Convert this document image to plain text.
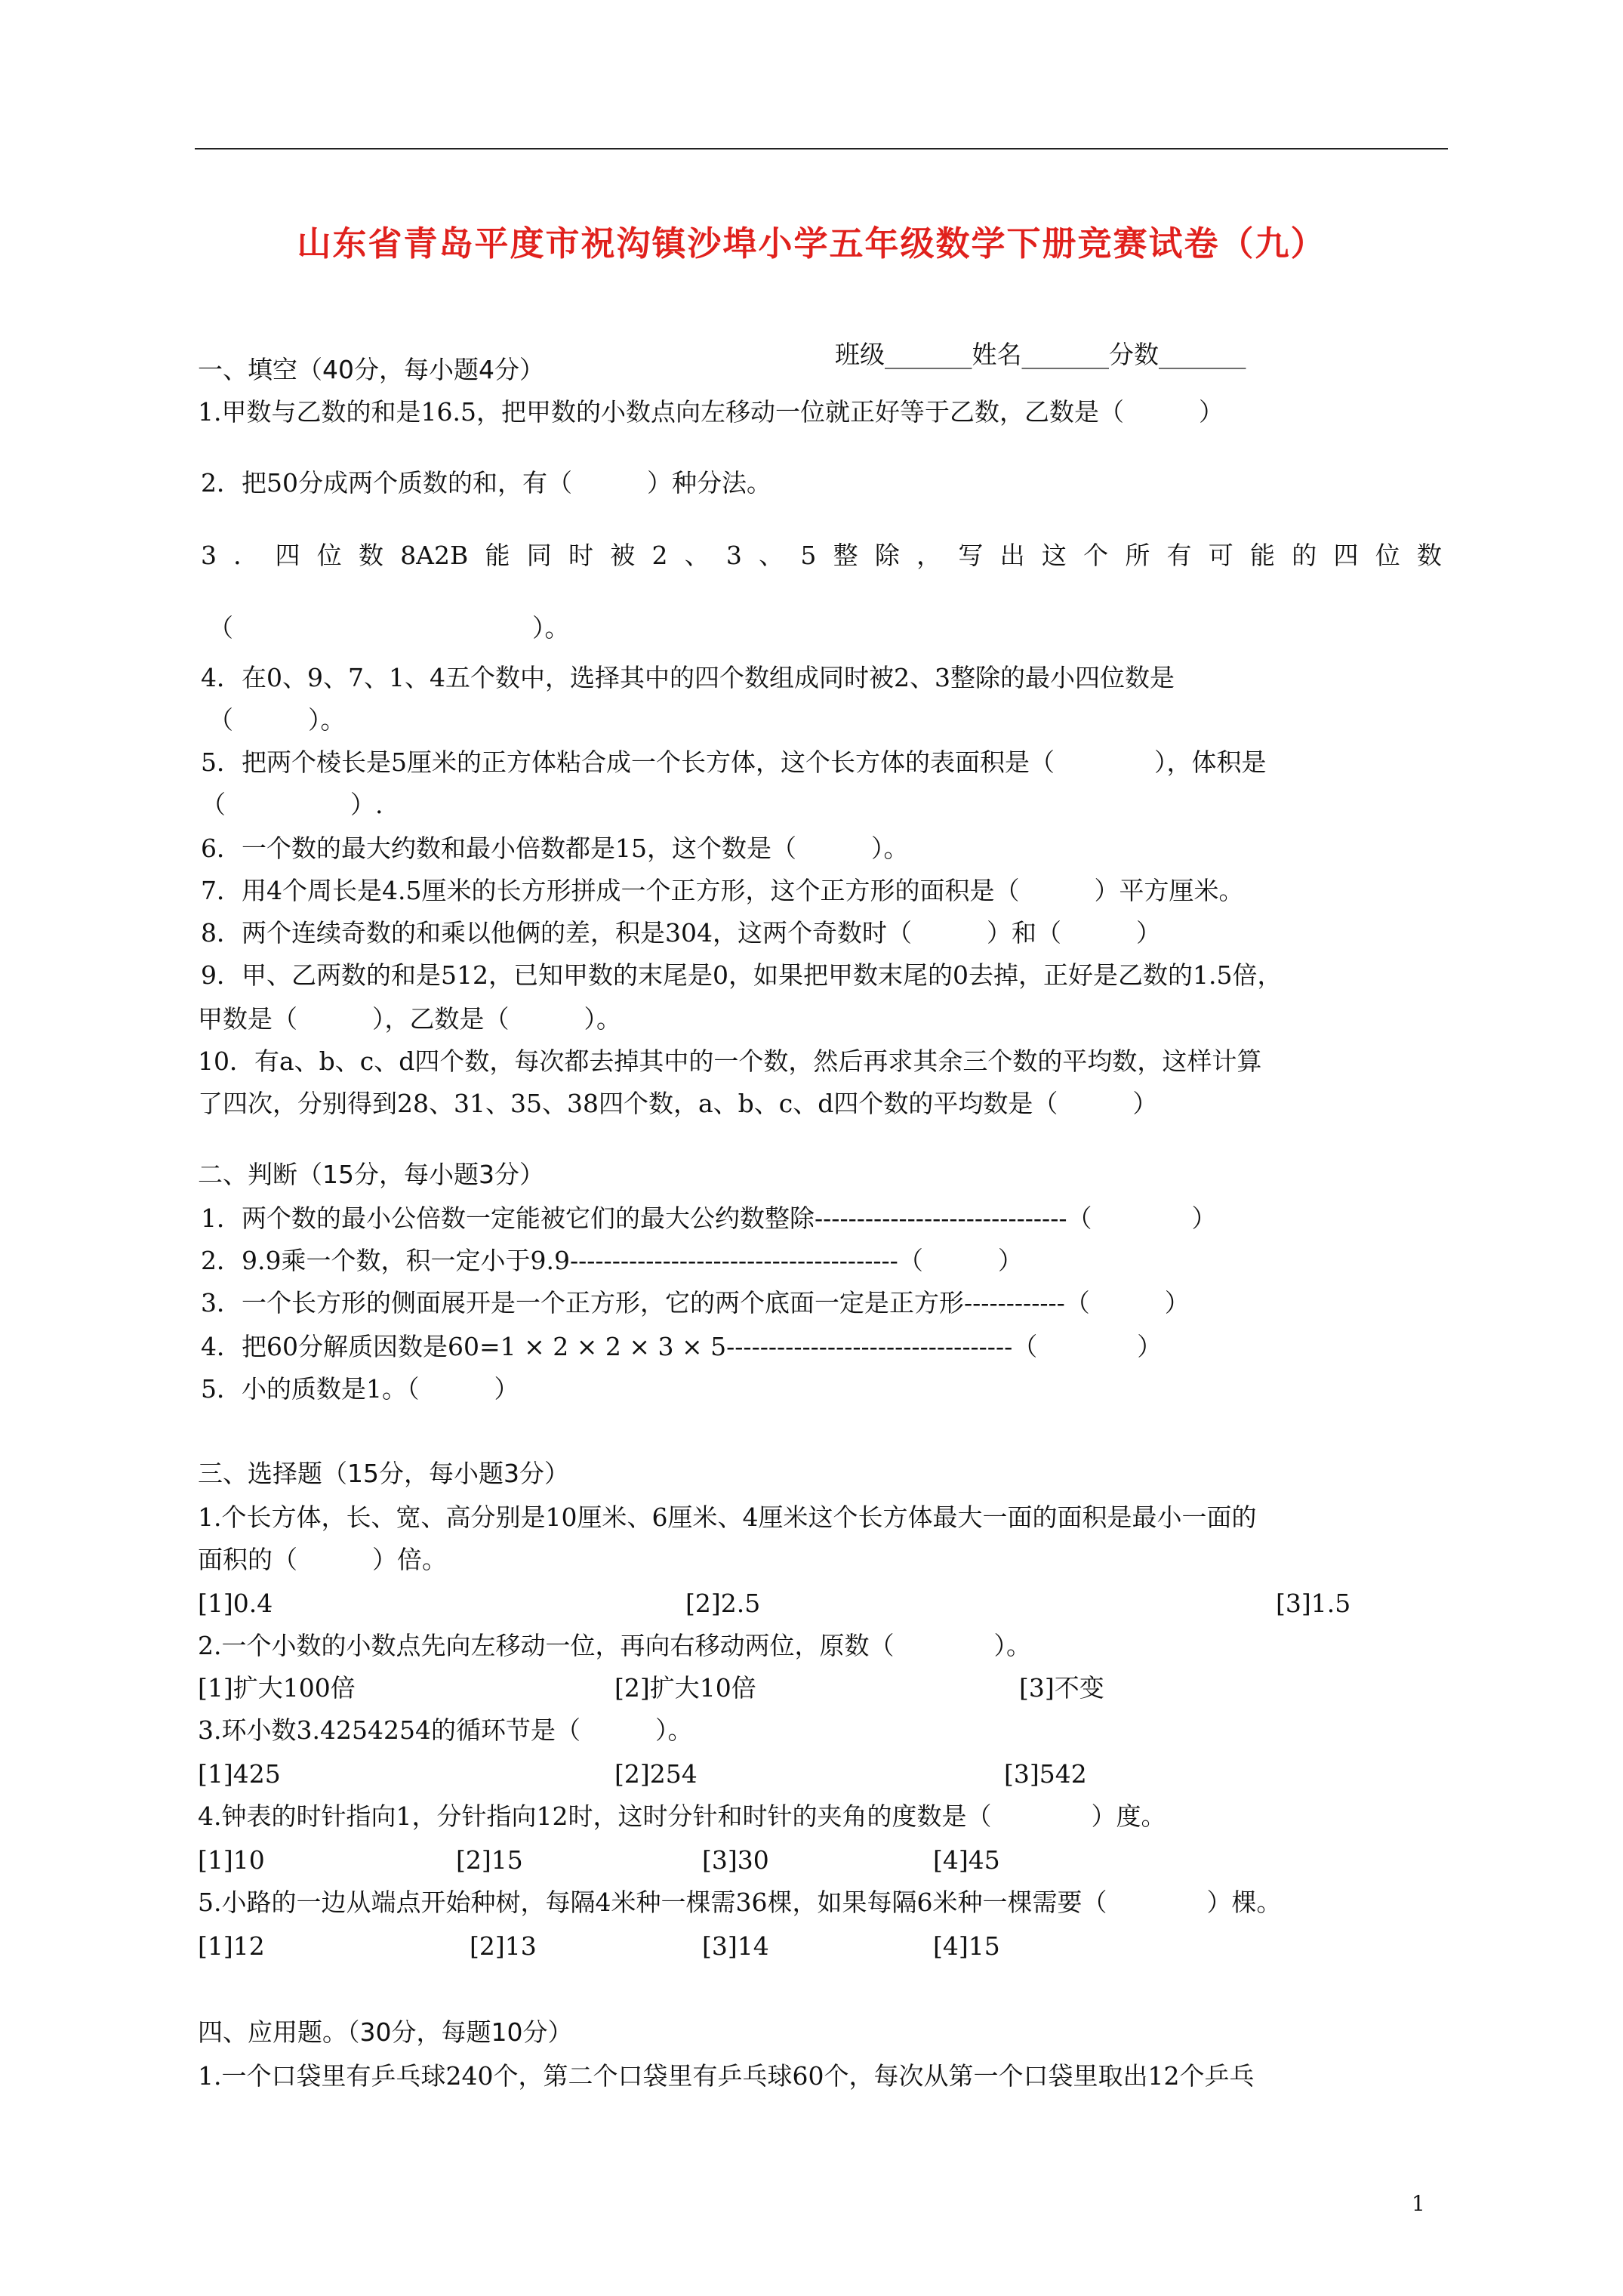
山东省青岛平度市祝沟镇沙埠小学五年级数学下册竞赛试卷（九）
班级_______姓名_______分数_______
一、填空（40分，每小题4分）
1.甲数与乙数的和是16.5，把甲数的小数点向左移动一位就正好等于乙数，乙数是（　　　）
2．把50分成两个质数的和，有（　　　）种分法。
3．四位数8A2B能同时被2、3、5整除，写出这个所有可能的四位数
（　　　　　　　　　　　　）。
4．在0、9、7、1、4五个数中，选择其中的四个数组成同时被2、3整除的最小四位数是
（　　　）。
5．把两个棱长是5厘米的正方体粘合成一个长方体，这个长方体的表面积是（　　　　），体积是
（　　　　　）.
6．一个数的最大约数和最小倍数都是15，这个数是（　　　）。
7．用4个周长是4.5厘米的长方形拼成一个正方形，这个正方形的面积是（　　　）平方厘米。
8．两个连续奇数的和乘以他俩的差，积是304，这两个奇数时（　　　）和（　　　）
9．甲、乙两数的和是512，已知甲数的末尾是0，如果把甲数末尾的0去掉，正好是乙数的1.5倍，
甲数是（　　　），乙数是（　　　）。
10．有a、b、c、d四个数，每次都去掉其中的一个数，然后再求其余三个数的平均数，这样计算
了四次，分别得到28、31、35、38四个数，a、b、c、d四个数的平均数是（　　　）
二、判断（15分，每小题3分）
1．两个数的最小公倍数一定能被它们的最大公约数整除------------------------------（　　　　）
2．9.9乘一个数，积一定小于9.9---------------------------------------（　　　）
3．一个长方形的侧面展开是一个正方形，它的两个底面一定是正方形------------（　　　）
4．把60分解质因数是60=1 × 2 × 2 × 3 × 5----------------------------------（　　　　）
5．小的质数是1。（　　　）
三、选择题（15分，每小题3分）
1.个长方体，长、宽、高分别是10厘米、6厘米、4厘米这个长方体最大一面的面积是最小一面的
面积的（　　　）倍。
[1]0.4	[2]2.5	[3]1.5
2.一个小数的小数点先向左移动一位，再向右移动两位，原数（　　　　）。
[1]扩大100倍	[2]扩大10倍	[3]不变
3.环小数3.4254254的循环节是（　　　）。
[1]425	[2]254	[3]542
4.钟表的时针指向1，分针指向12时，这时分针和时针的夹角的度数是（　　　　）度。
[1]10	[2]15	[3]30	[4]45
5.小路的一边从端点开始种树，每隔4米种一棵需36棵，如果每隔6米种一棵需要（　　　　）棵。
[1]12	[2]13	[3]14	[4]15
四、应用题。（30分，每题10分）
1.一个口袋里有乒乓球240个，第二个口袋里有乒乓球60个，每次从第一个口袋里取出12个乒乓
1
